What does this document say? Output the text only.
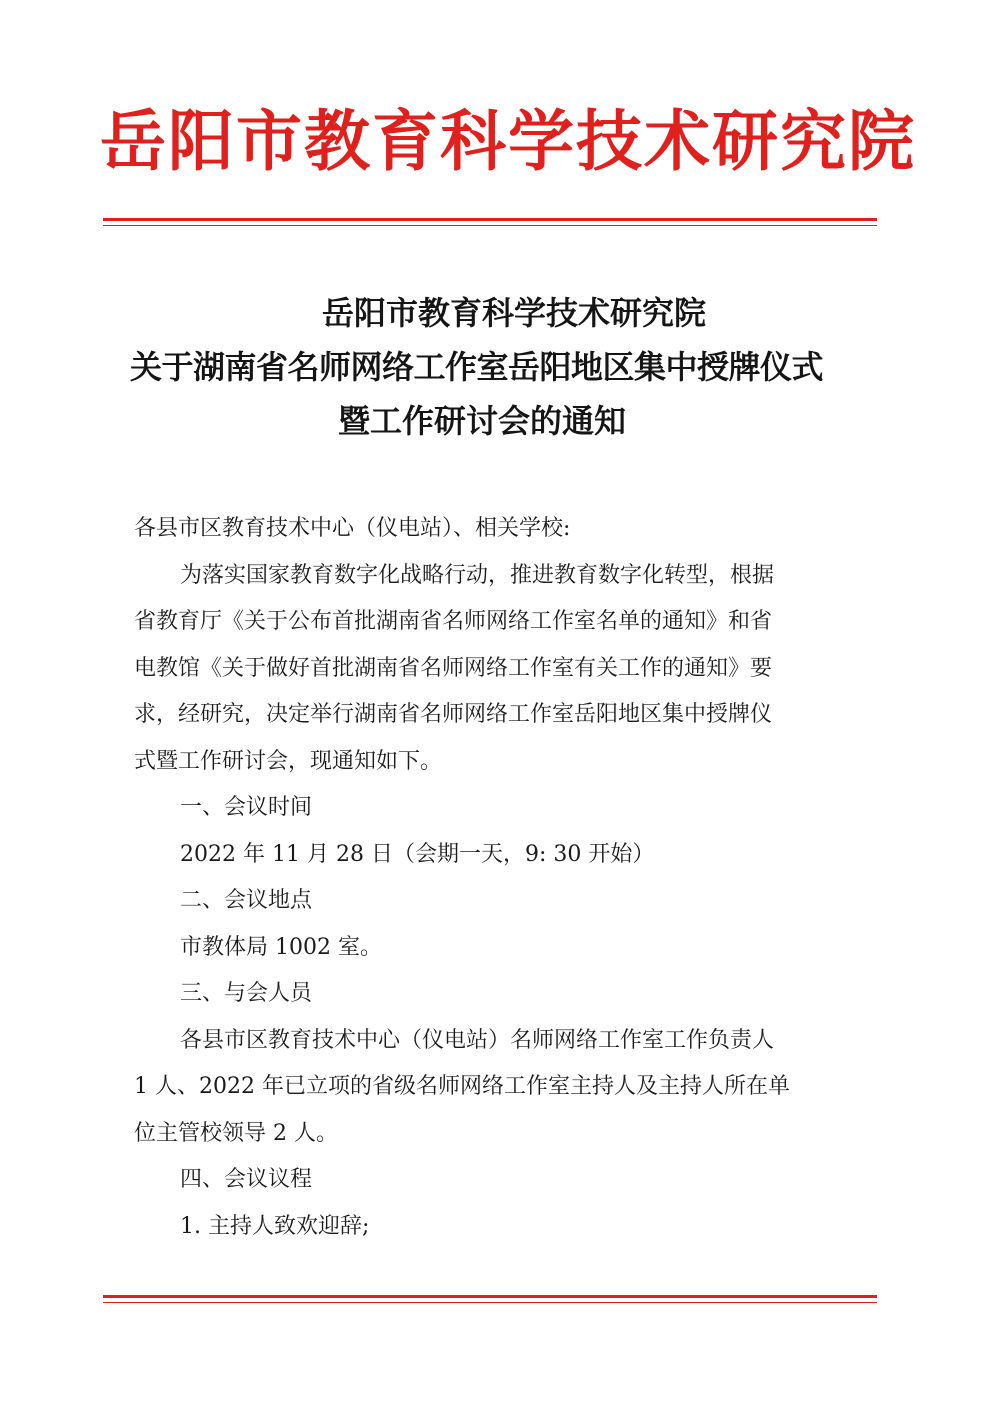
岳阳市教育科学技术研究院
岳阳市教育科学技术研究院
关于湖南省名师网络工作室岳阳地区集中授牌仪式
暨工作研讨会的通知

各县市区教育技术中心（仪电站）、相关学校:

为落实国家教育数字化战略行动，推进教育数字化转型，根据

省教育厅《关于公布首批湖南省名师网络工作室名单的通知》和省

电教馆《关于做好首批湖南省名师网络工作室有关工作的通知》要

求，经研究，决定举行湖南省名师网络工作室岳阳地区集中授牌仪

式暨工作研讨会，现通知如下。

一、会议时间

2022 年 11 月 28 日（会期一天，9: 30 开始）

二、会议地点

市教体局 1002 室。

三、与会人员

各县市区教育技术中心（仪电站）名师网络工作室工作负责人

1 人、2022 年已立项的省级名师网络工作室主持人及主持人所在单

位主管校领导 2 人。

四、会议议程

1. 主持人致欢迎辞;
